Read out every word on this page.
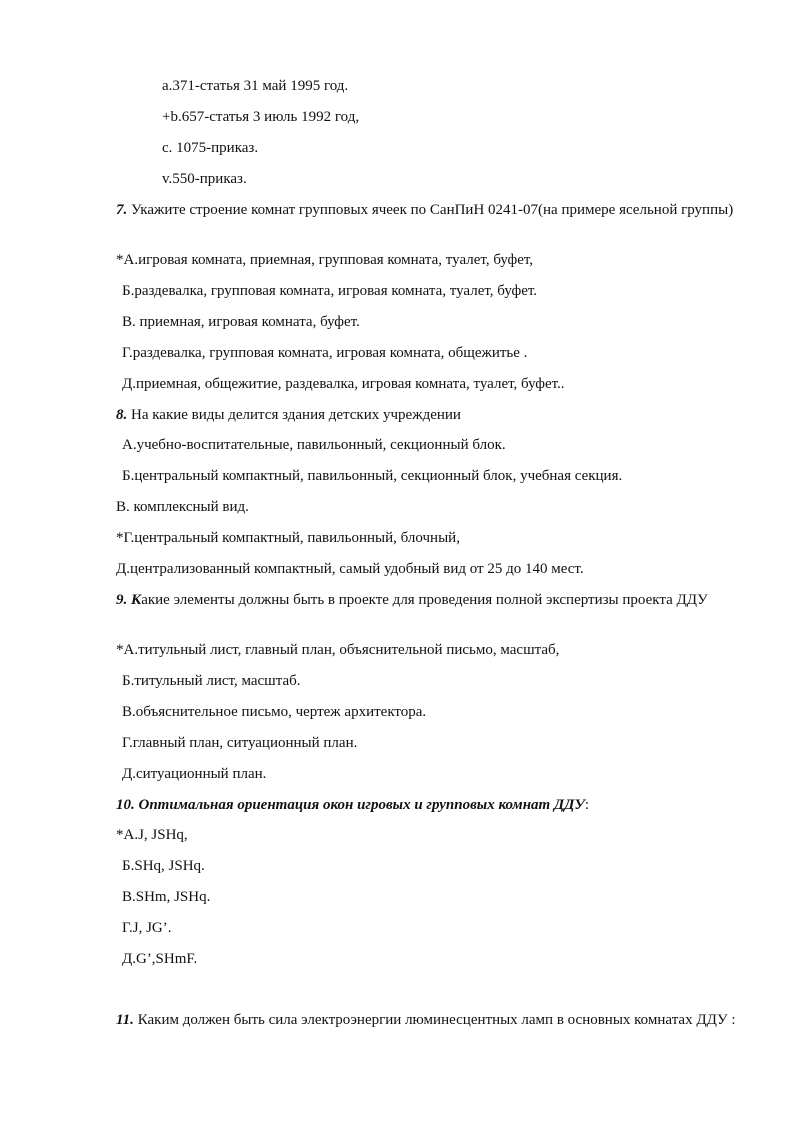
a.371-статья 31 май 1995 год.
+b.657-статья 3 июль 1992 год,
c. 1075-приказ.
v.550-приказ.
7. Укажите строение комнат групповых ячеек по СанПиН 0241-07(на примере ясельной группы)
*А.игровая комната, приемная, групповая комната, туалет, буфет,
Б.раздевалка, групповая комната, игровая комната, туалет, буфет.
В. приемная, игровая комната, буфет.
Г.раздевалка, групповая комната, игровая комната, общежитье .
Д.приемная, общежитие, раздевалка, игровая комната, туалет, буфет..
8. На какие виды делится здания детских учреждении
А.учебно-воспитательные, павильонный, секционный блок.
Б.центральный компактный, павильонный, секционный блок, учебная секция.
В. комплексный вид.
*Г.центральный компактный, павильонный, блочный,
Д.централизованный компактный, самый удобный вид от 25 до 140 мест.
9. Какие элементы должны быть в проекте для проведения полной экспертизы проекта ДДУ
*А.титульный лист, главный план, объяснительной письмо, масштаб,
Б.титульный лист, масштаб.
В.объяснительное письмо, чертеж архитектора.
Г.главный план, ситуационный план.
Д.ситуационный план.
10. Оптимальная ориентация окон игровых и групповых комнат ДДУ:
*А.J, JSHq,
Б.SHq, JSHq.
В.SHm, JSHq.
Г.J, JG’.
Д.G’,SHmF.
11. Каким должен быть сила электроэнергии люминесцентных ламп в основных комнатах ДДУ :
